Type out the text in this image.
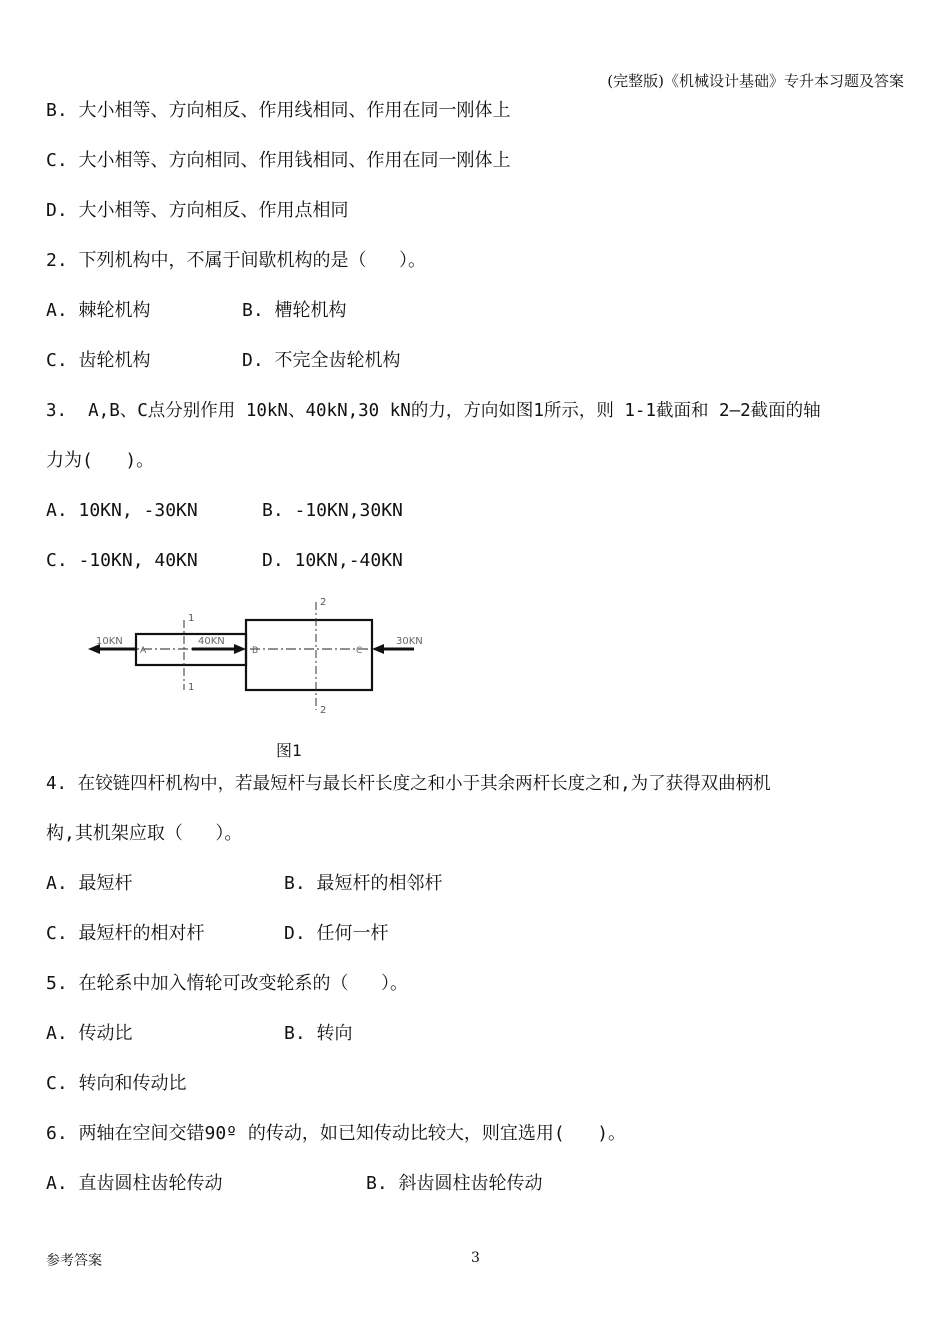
(完整版)《机械设计基础》专升本习题及答案
B. 大小相等、方向相反、作用线相同、作用在同一刚体上
C. 大小相等、方向相同、作用钱相同、作用在同一刚体上
D. 大小相等、方向相反、作用点相同
2. 下列机构中，不属于间歇机构的是（   ）。
A. 棘轮机构	B. 槽轮机构
C. 齿轮机构	D. 不完全齿轮机构
3.  A,B、C点分别作用 10kN、40kN,30 kN的力，方向如图1所示，则 1-1截面和 2—2截面的轴
力为(   )。
A. 10KN, -30KN	B. -10KN,30KN
C. -10KN, 40KN	D. 10KN,-40KN
1
1
2
2
10KN	40KN	30KN
A	B	C
图1
4. 在铰链四杆机构中，若最短杆与最长杆长度之和小于其余两杆长度之和,为了获得双曲柄机
构,其机架应取（   ）。
A. 最短杆	B. 最短杆的相邻杆
C. 最短杆的相对杆	D. 任何一杆
5. 在轮系中加入惰轮可改变轮系的（   ）。
A. 传动比	B. 转向
C. 转向和传动比
6. 两轴在空间交错90º 的传动，如已知传动比较大，则宜选用(   )。
A. 直齿圆柱齿轮传动	B. 斜齿圆柱齿轮传动
参考答案	3
